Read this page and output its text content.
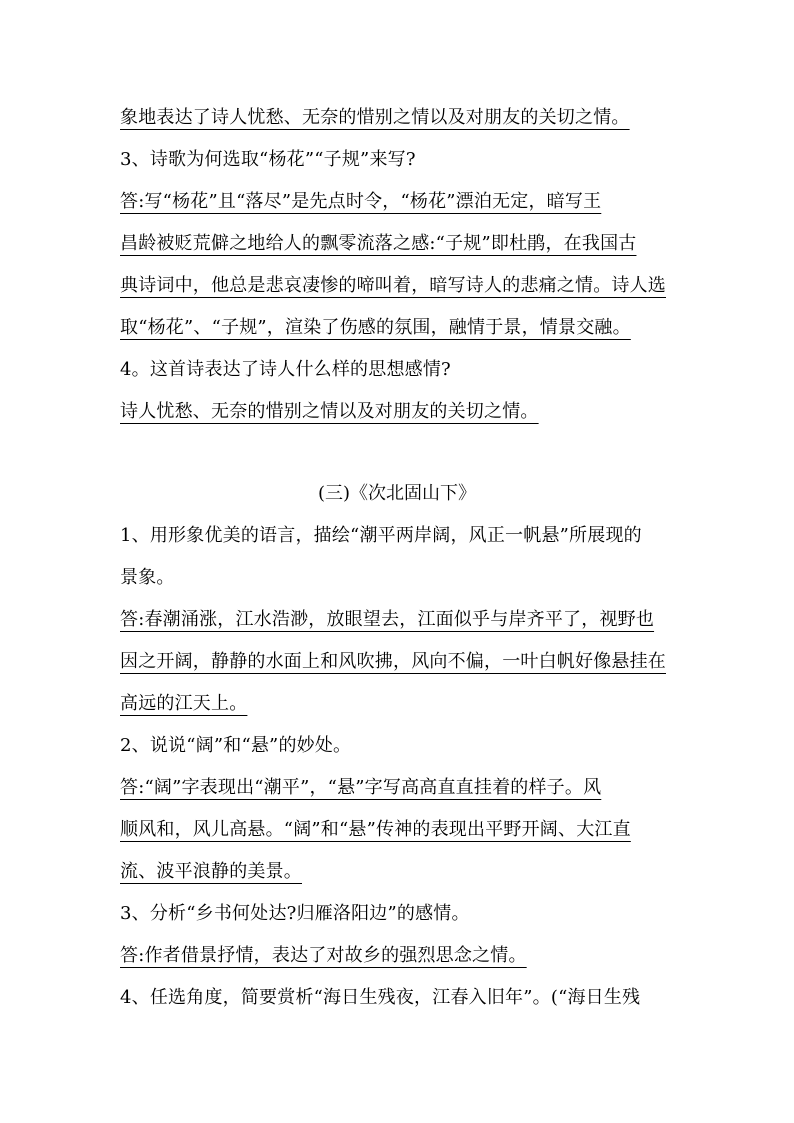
象地表达了诗人忧愁、无奈的惜别之情以及对朋友的关切之情。
3、诗歌为何选取“杨花”“子规”来写?
答:写“杨花”且“落尽”是先点时令，“杨花”漂泊无定，暗写王
昌龄被贬荒僻之地给人的飘零流落之感:“子规”即杜鹃，在我国古
典诗词中，他总是悲哀凄惨的啼叫着，暗写诗人的悲痛之情。诗人选
取“杨花”、“子规”，渲染了伤感的氛围，融情于景，情景交融。
4。这首诗表达了诗人什么样的思想感情?
诗人忧愁、无奈的惜别之情以及对朋友的关切之情。
(三)《次北固山下》
1、用形象优美的语言，描绘“潮平两岸阔，风正一帆悬”所展现的
景象。
答:春潮涌涨，江水浩渺，放眼望去，江面似乎与岸齐平了，视野也
因之开阔，静静的水面上和风吹拂，风向不偏，一叶白帆好像悬挂在
高远的江天上。
2、说说“阔”和“悬”的妙处。
答:“阔”字表现出“潮平”，“悬”字写高高直直挂着的样子。风
顺风和，风儿高悬。“阔”和“悬”传神的表现出平野开阔、大江直
流、波平浪静的美景。
3、分析“乡书何处达?归雁洛阳边”的感情。
答:作者借景抒情，表达了对故乡的强烈思念之情。
4、任选角度，简要赏析“海日生残夜，江春入旧年”。(“海日生残
